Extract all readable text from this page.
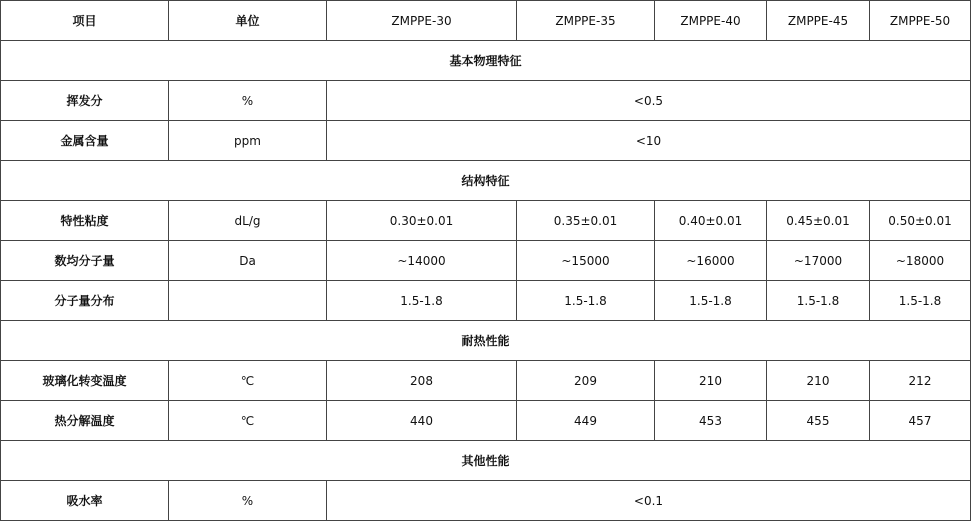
项目	单位	ZMPPE-30	ZMPPE-35	ZMPPE-40	ZMPPE-45	ZMPPE-50
基本物理特征						
挥发分	%	<0.5				
金属含量	ppm	<10				
结构特征						
特性粘度	dL/g	0.30±0.01	0.35±0.01	0.40±0.01	0.45±0.01	0.50±0.01
数均分子量	Da	~14000	~15000	~16000	~17000	~18000
分子量分布		1.5-1.8	1.5-1.8	1.5-1.8	1.5-1.8	1.5-1.8
耐热性能						
玻璃化转变温度	℃	208	209	210	210	212
热分解温度	℃	440	449	453	455	457
其他性能						
吸水率	%	<0.1				
